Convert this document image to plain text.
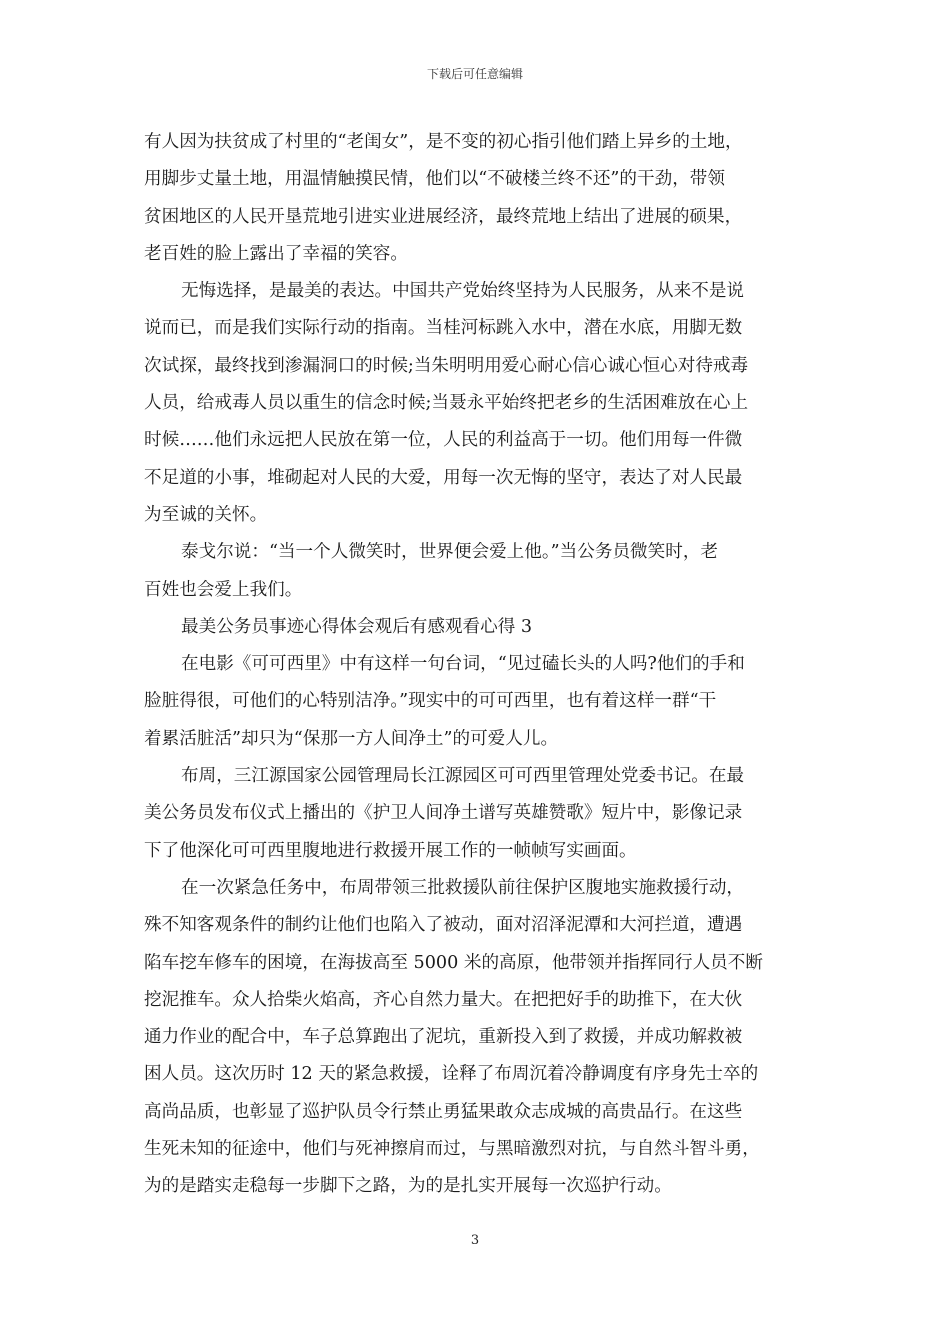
下载后可任意编辑
有人因为扶贫成了村里的“老闺女”，是不变的初心指引他们踏上异乡的土地，
用脚步丈量土地，用温情触摸民情，他们以“不破楼兰终不还”的干劲，带领
贫困地区的人民开垦荒地引进实业进展经济，最终荒地上结出了进展的硕果，
老百姓的脸上露出了幸福的笑容。
无悔选择，是最美的表达。中国共产党始终坚持为人民服务，从来不是说
说而已，而是我们实际行动的指南。当桂河标跳入水中，潜在水底，用脚无数
次试探，最终找到渗漏洞口的时候;当朱明明用爱心耐心信心诚心恒心对待戒毒
人员，给戒毒人员以重生的信念时候;当聂永平始终把老乡的生活困难放在心上
时候……他们永远把人民放在第一位，人民的利益高于一切。他们用每一件微
不足道的小事，堆砌起对人民的大爱，用每一次无悔的坚守，表达了对人民最
为至诚的关怀。
泰戈尔说：“当一个人微笑时，世界便会爱上他。”当公务员微笑时，老
百姓也会爱上我们。
最美公务员事迹心得体会观后有感观看心得 3
在电影《可可西里》中有这样一句台词，“见过磕长头的人吗?他们的手和
脸脏得很，可他们的心特别洁净。”现实中的可可西里，也有着这样一群“干
着累活脏活”却只为“保那一方人间净土”的可爱人儿。
布周，三江源国家公园管理局长江源园区可可西里管理处党委书记。在最
美公务员发布仪式上播出的《护卫人间净土谱写英雄赞歌》短片中，影像记录
下了他深化可可西里腹地进行救援开展工作的一帧帧写实画面。
在一次紧急任务中，布周带领三批救援队前往保护区腹地实施救援行动，
殊不知客观条件的制约让他们也陷入了被动，面对沼泽泥潭和大河拦道，遭遇
陷车挖车修车的困境，在海拔高至 5000 米的高原，他带领并指挥同行人员不断
挖泥推车。众人拾柴火焰高，齐心自然力量大。在把把好手的助推下，在大伙
通力作业的配合中，车子总算跑出了泥坑，重新投入到了救援，并成功解救被
困人员。这次历时 12 天的紧急救援，诠释了布周沉着冷静调度有序身先士卒的
高尚品质，也彰显了巡护队员令行禁止勇猛果敢众志成城的高贵品行。在这些
生死未知的征途中，他们与死神擦肩而过，与黑暗激烈对抗，与自然斗智斗勇，
为的是踏实走稳每一步脚下之路，为的是扎实开展每一次巡护行动。
3
